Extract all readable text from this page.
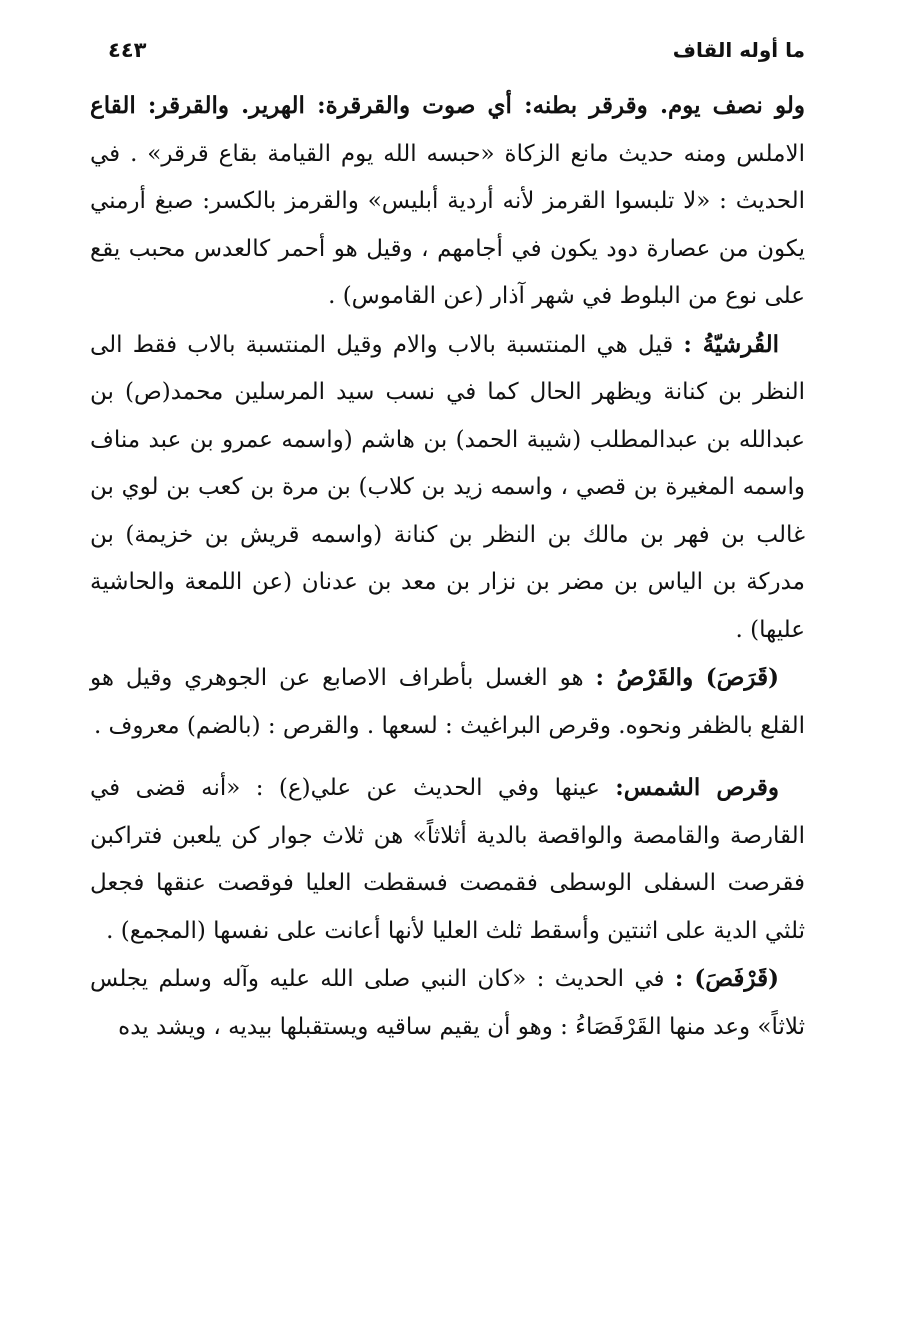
ما أوله القاف
٤٤٣

ولو نصف يوم. وقرقر بطنه: أي صوت والقرقرة: الهرير. والقرقر: القاع الاملس ومنه حديث مانع الزكاة «حبسه الله يوم القيامة بقاع قرقر» . في الحديث : «لا تلبسوا القرمز لأنه أردية أبليس» والقرمز بالكسر: صبغ أرمني يكون من عصارة دود يكون في أجامهم ، وقيل هو أحمر كالعدس محبب يقع على نوع من البلوط في شهر آذار (عن القاموس) .

القُرشيّةُ : قيل هي المنتسبة بالاب والام وقيل المنتسبة بالاب فقط الى النظر بن كنانة ويظهر الحال كما في نسب سيد المرسلين محمد(ص) بن عبدالله بن عبدالمطلب (شيبة الحمد) بن هاشم (واسمه عمرو بن عبد مناف واسمه المغيرة بن قصي ، واسمه زيد بن كلاب) بن مرة بن كعب بن لوي بن غالب بن فهر بن مالك بن النظر بن كنانة (واسمه قريش بن خزيمة) بن مدركة بن الياس بن مضر بن نزار بن معد بن عدنان (عن اللمعة والحاشية عليها) .

(قَرَصَ) والقَرْصُ : هو الغسل بأطراف الاصابع عن الجوهري وقيل هو القلع بالظفر ونحوه. وقرص البراغيث : لسعها . والقرص : (بالضم) معروف .

وقرص الشمس: عينها وفي الحديث عن علي(ع) : «أنه قضى في القارصة والقامصة والواقصة بالدية أثلاثاً» هن ثلاث جوار كن يلعبن فتراكبن فقرصت السفلى الوسطى فقمصت فسقطت العليا فوقصت عنقها فجعل ثلثي الدية على اثنتين وأسقط ثلث العليا لأنها أعانت على نفسها (المجمع) .

(قَرْفَصَ) : في الحديث : «كان النبي صلى الله عليه وآله وسلم يجلس ثلاثاً» وعد منها القَرْفَصَاءُ : وهو أن يقيم ساقيه ويستقبلها بيديه ، ويشد يده
